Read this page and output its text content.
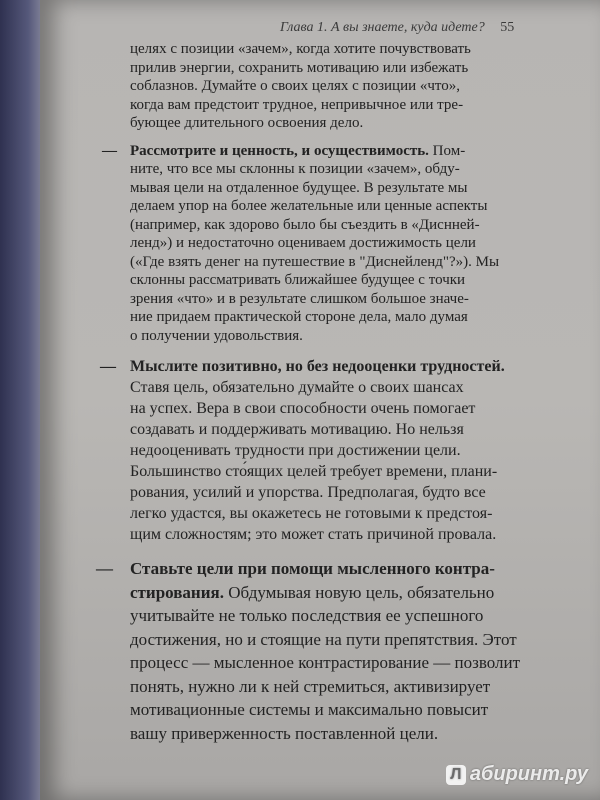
Глава 1. А вы знаете, куда идете? 55
целях с позиции «зачем», когда хотите почувствовать
прилив энергии, сохранить мотивацию или избежать
соблазнов. Думайте о своих целях с позиции «что»,
когда вам предстоит трудное, непривычное или тре-
бующее длительного освоения дело.
— Рассмотрите и ценность, и осуществимость. Пом-
ните, что все мы склонны к позиции «зачем», обду-
мывая цели на отдаленное будущее. В результате мы
делаем упор на более желательные или ценные аспекты
(например, как здорово было бы съездить в «Диснней-
ленд») и недостаточно оцениваем достижимость цели
(«Где взять денег на путешествие в "Диснейленд"?»). Мы
склонны рассматривать ближайшее будущее с точки
зрения «что» и в результате слишком большое значе-
ние придаем практической стороне дела, мало думая
о получении удовольствия.
— Мыслите позитивно, но без недооценки трудностей.
Ставя цель, обязательно думайте о своих шансах
на успех. Вера в свои способности очень помогает
создавать и поддерживать мотивацию. Но нельзя
недооценивать трудности при достижении цели.
Большинство сто́ящих целей требует времени, плани-
рования, усилий и упорства. Предполагая, будто все
легко удастся, вы окажетесь не готовыми к предстоя-
щим сложностям; это может стать причиной провала.
— Ставьте цели при помощи мысленного контра-
стирования. Обдумывая новую цель, обязательно
учитывайте не только последствия ее успешного
достижения, но и стоящие на пути препятствия. Этот
процесс — мысленное контрастирование — позволит
понять, нужно ли к ней стремиться, активизирует
мотивационные системы и максимально повысит
вашу приверженность поставленной цели.
Л абиринт.ру
